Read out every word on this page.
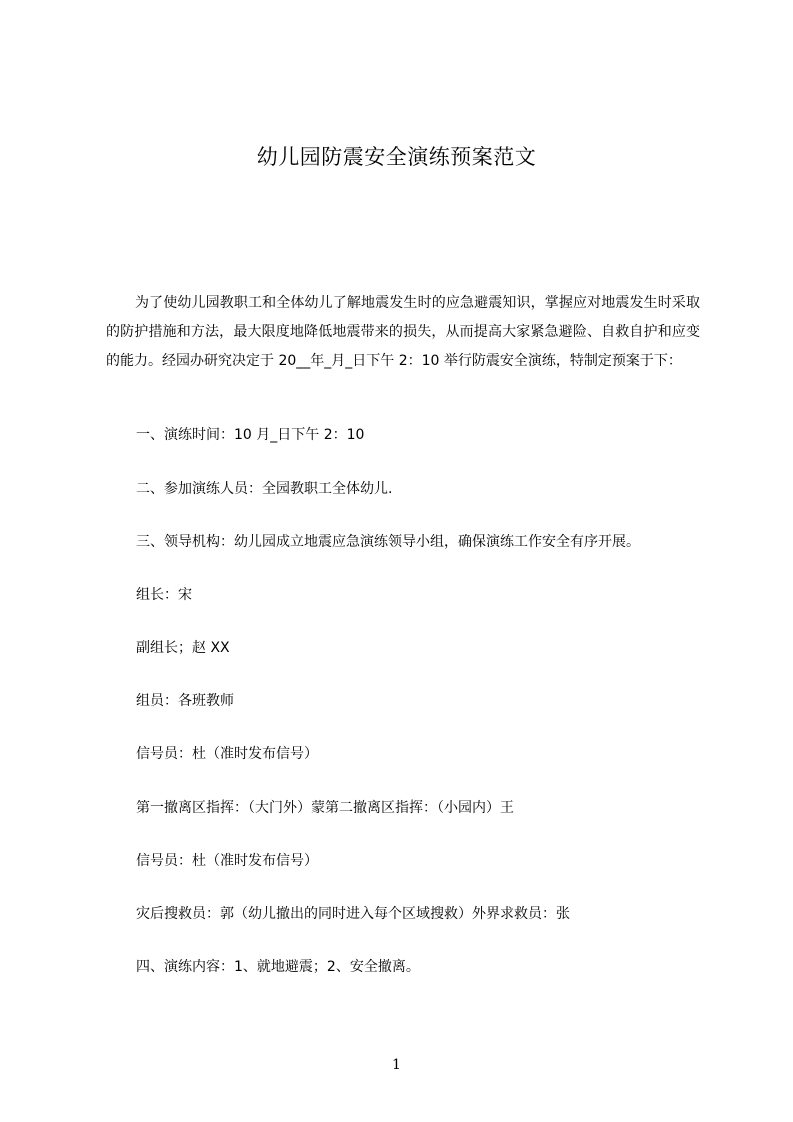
幼儿园防震安全演练预案范文

为了使幼儿园教职工和全体幼儿了解地震发生时的应急避震知识，掌握应对地震发生时采取的防护措施和方法，最大限度地降低地震带来的损失，从而提高大家紧急避险、自救自护和应变的能力。经园办研究决定于 20__年_月_日下午 2：10 举行防震安全演练，特制定预案于下：

一、演练时间：10 月_日下午 2：10
二、参加演练人员：全园教职工全体幼儿.
三、领导机构：幼儿园成立地震应急演练领导小组，确保演练工作安全有序开展。
组长：宋
副组长；赵 XX
组员：各班教师
信号员：杜（准时发布信号）
第一撤离区指挥：（大门外）蒙第二撤离区指挥：（小园内）王
信号员：杜（准时发布信号）
灾后搜救员：郭（幼儿撤出的同时进入每个区域搜救）外界求救员：张
四、演练内容：1、就地避震；2、安全撤离。
1
